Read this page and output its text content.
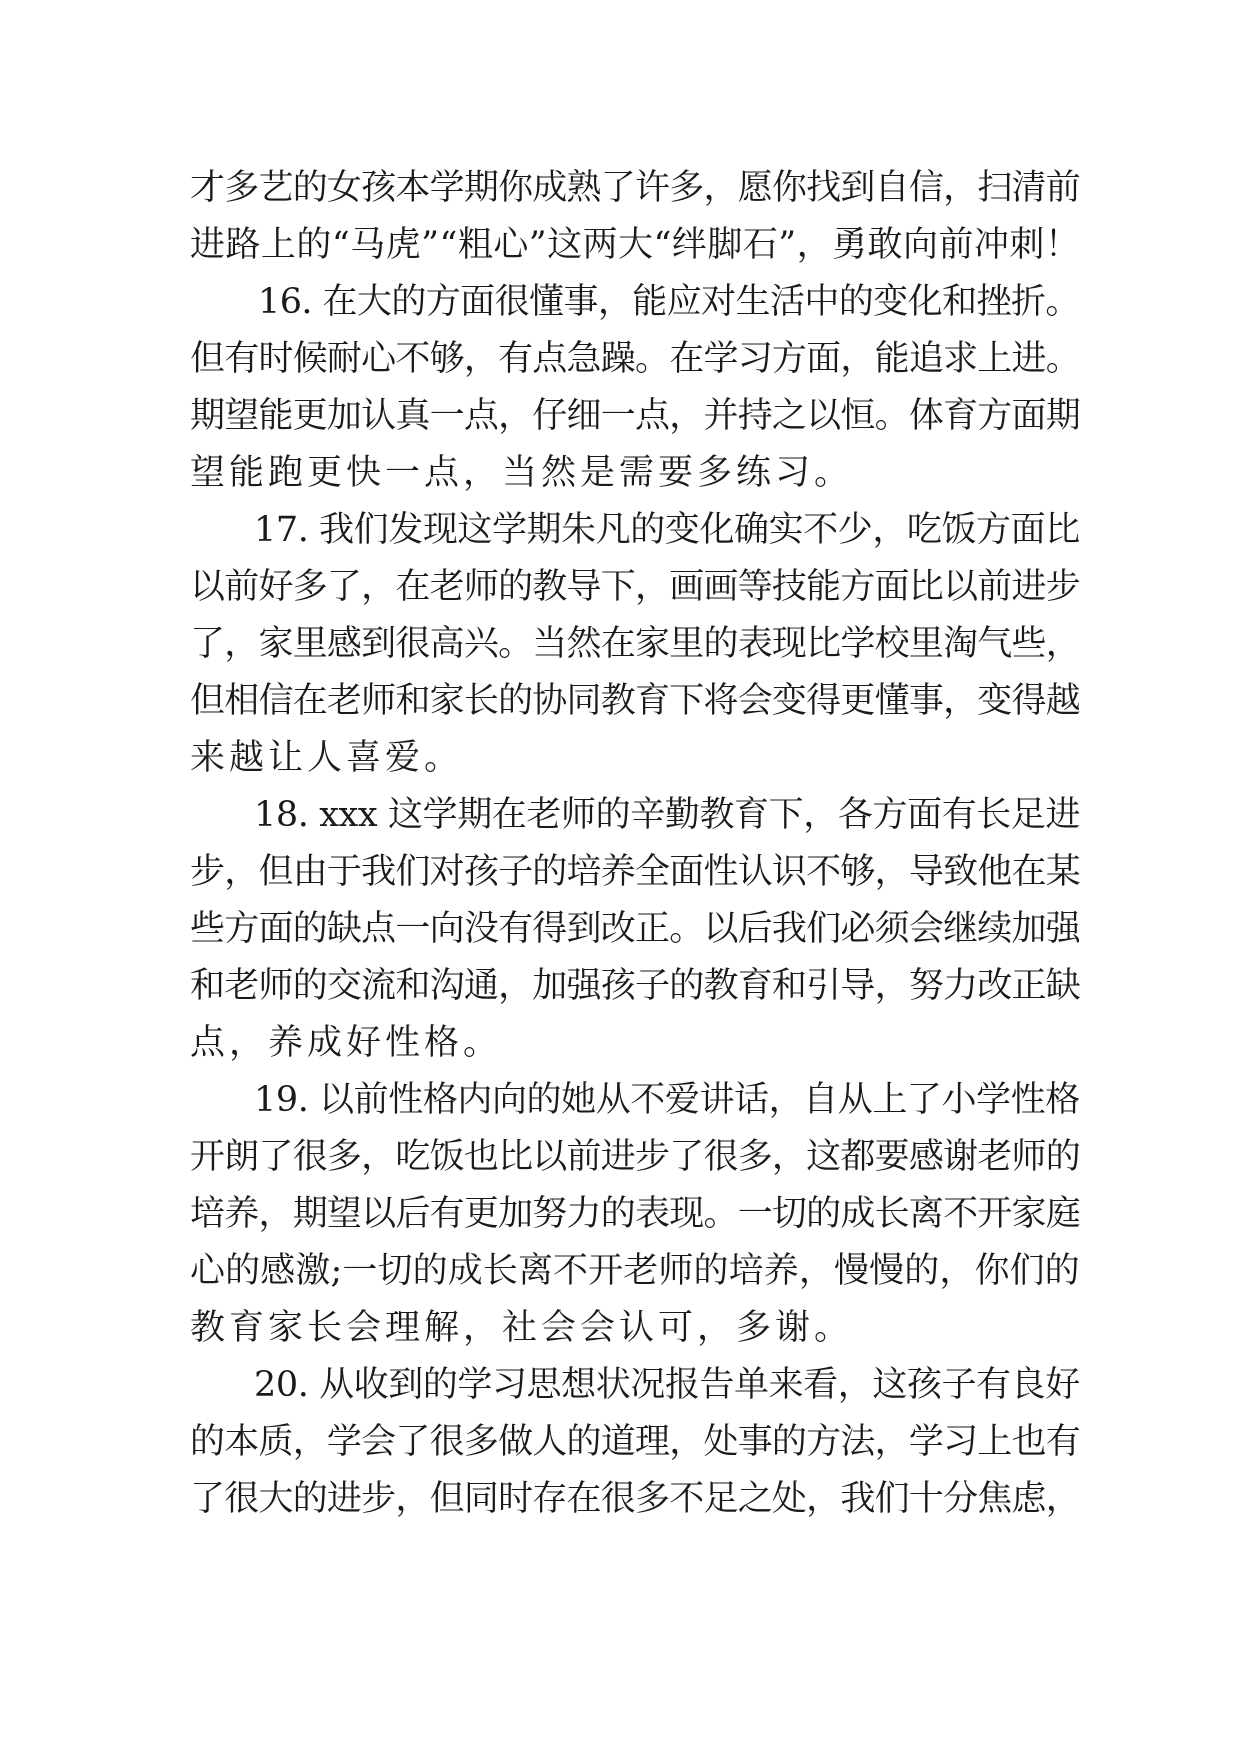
才多艺的女孩本学期你成熟了许多，愿你找到自信，扫清前
进路上的“马虎”“粗心”这两大“绊脚石”，勇敢向前冲刺！
16. 在大的方面很懂事，能应对生活中的变化和挫折。
但有时候耐心不够，有点急躁。在学习方面，能追求上进。
期望能更加认真一点，仔细一点，并持之以恒。体育方面期
望能跑更快一点，当然是需要多练习。
17. 我们发现这学期朱凡的变化确实不少，吃饭方面比
以前好多了，在老师的教导下，画画等技能方面比以前进步
了，家里感到很高兴。当然在家里的表现比学校里淘气些，
但相信在老师和家长的协同教育下将会变得更懂事，变得越
来越让人喜爱。
18. xxx 这学期在老师的辛勤教育下，各方面有长足进
步，但由于我们对孩子的培养全面性认识不够，导致他在某
些方面的缺点一向没有得到改正。以后我们必须会继续加强
和老师的交流和沟通，加强孩子的教育和引导，努力改正缺
点，养成好性格。
19. 以前性格内向的她从不爱讲话，自从上了小学性格
开朗了很多，吃饭也比以前进步了很多，这都要感谢老师的
培养，期望以后有更加努力的表现。一切的成长离不开家庭
心的感激;一切的成长离不开老师的培养，慢慢的，你们的
教育家长会理解，社会会认可，多谢。
20. 从收到的学习思想状况报告单来看，这孩子有良好
的本质，学会了很多做人的道理，处事的方法，学习上也有
了很大的进步，但同时存在很多不足之处，我们十分焦虑，
